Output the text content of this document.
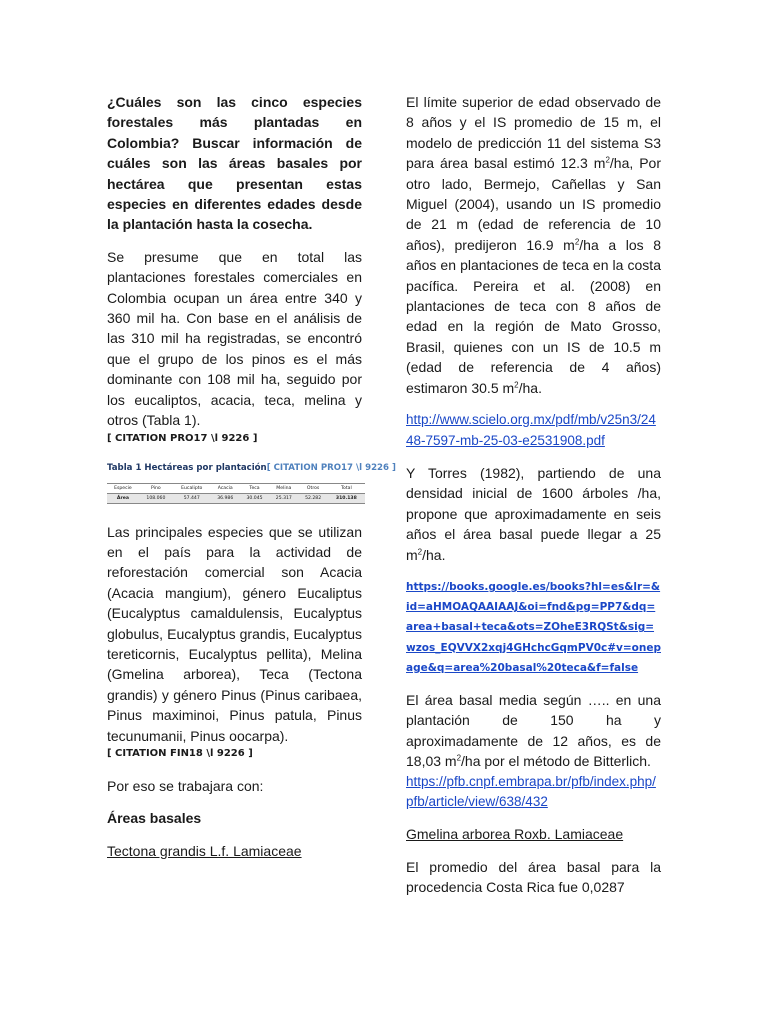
¿Cuáles son las cinco especies forestales más plantadas en Colombia? Buscar información de cuáles son las áreas basales por hectárea que presentan estas especies en diferentes edades desde la plantación hasta la cosecha.

Se presume que en total las plantaciones forestales comerciales en Colombia ocupan un área entre 340 y 360 mil ha. Con base en el análisis de las 310 mil ha registradas, se encontró que el grupo de los pinos es el más dominante con 108 mil ha, seguido por los eucaliptos, acacia, teca, melina y otros (Tabla 1).

[ CITATION PRO17 \l 9226 ]

Tabla 1 Hectáreas por plantación[ CITATION PRO17 \l 9226 ]
Especie	Pino	Eucalipto	Acacia	Teca	Melina	Otros	Total
Área	108.060	57.447	36.986	30.045	25.317	52.282	310.138

Las principales especies que se utilizan en el país para la actividad de reforestación comercial son Acacia (Acacia mangium), género Eucaliptus (Eucalyptus camaldulensis, Eucalyptus globulus, Eucalyptus grandis, Eucalyptus tereticornis, Eucalyptus pellita), Melina (Gmelina arborea), Teca (Tectona grandis) y género Pinus (Pinus caribaea, Pinus maximinoi, Pinus patula, Pinus tecunumanii, Pinus oocarpa).

[ CITATION FIN18 \l 9226 ]

Por eso se trabajara con:

Áreas basales

Tectona grandis L.f. Lamiaceae

El límite superior de edad observado de 8 años y el IS promedio de 15 m, el modelo de predicción 11 del sistema S3 para área basal estimó 12.3 $m^2/ha$, Por otro lado, Bermejo, Cañellas y San Miguel (2004), usando un IS promedio de 21 m (edad de referencia de 10 años), predijeron 16.9 $m^2/ha$ a los 8 años en plantaciones de teca en la costa pacífica. Pereira et al. (2008) en plantaciones de teca con 8 años de edad en la región de Mato Grosso, Brasil, quienes con un IS de 10.5 m (edad de referencia de 4 años) estimaron 30.5 $m^2/ha$.

http://www.scielo.org.mx/pdf/mb/v25n3/2448-7597-mb-25-03-e2531908.pdf

Y Torres (1982), partiendo de una densidad inicial de 1600 árboles /ha, propone que aproximadamente en seis años el área basal puede llegar a 25 $m^2/ha$.

https://books.google.es/books?hl=es&lr=&id=aHMOAQAAIAAJ&oi=fnd&pg=PP7&dq=area+basal+teca&ots=ZOheE3RQSt&sig=wzos_EQVVX2xqj4GHchcGqmPV0c#v=onepage&q=area%20basal%20teca&f=false

El área basal media según ….. en una plantación de 150 ha y aproximadamente de 12 años, es de 18,03 $m^2/ha$ por el método de Bitterlich.

https://pfb.cnpf.embrapa.br/pfb/index.php/pfb/article/view/638/432

Gmelina arborea Roxb. Lamiaceae

El promedio del área basal para la procedencia Costa Rica fue 0,0287
